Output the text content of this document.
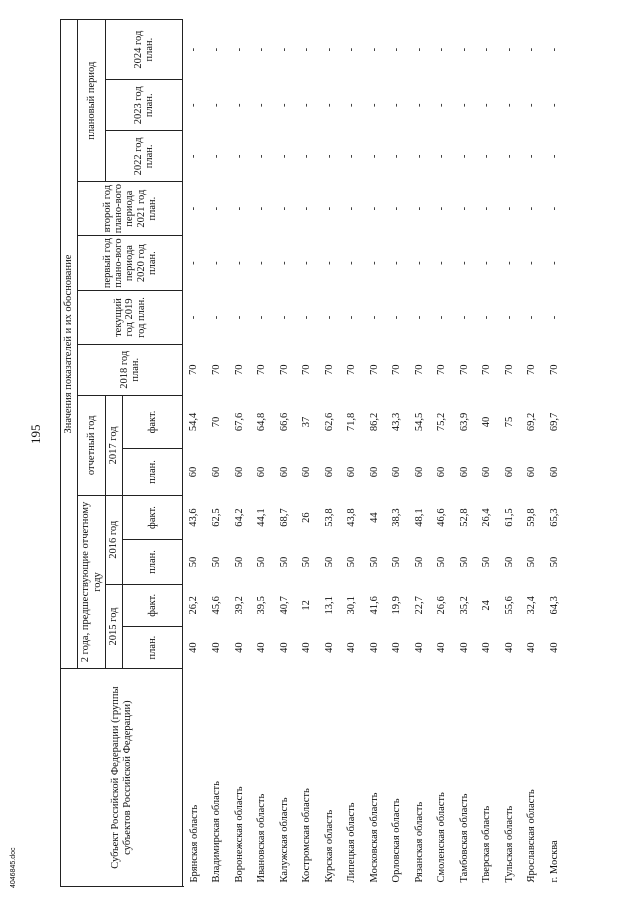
195
4046845.doc	Субъект Российской Федерации (группы субъектов Российской Федерации)	Значения показателей и их обоснование												
	2 года, предшествующие отчетному году				отчетный год		2018 год план.	текущий год 2019 год план.	первый год плано-вого периода 2020 год план.	второй год плано-вого периода 2021 год план.	плановый период		
	2015 год		2016 год		2017 год						2022 год план.	2023 год план.	2024 год план.
	план.	факт.	план.	факт.	план.	факт.							

Брянская область	40	26,2	50	43,6	60	54,4	70	-	-	-	-	-	-
Владимирская область	40	45,6	50	62,5	60	70	70	-	-	-	-	-	-
Воронежская область	40	39,2	50	64,2	60	67,6	70	-	-	-	-	-	-
Ивановская область	40	39,5	50	44,1	60	64,8	70	-	-	-	-	-	-
Калужская область	40	40,7	50	68,7	60	66,6	70	-	-	-	-	-	-
Костромская область	40	12	50	26	60	37	70	-	-	-	-	-	-
Курская область	40	13,1	50	53,8	60	62,6	70	-	-	-	-	-	-
Липецкая область	40	30,1	50	43,8	60	71,8	70	-	-	-	-	-	-
Московская область	40	41,6	50	44	60	86,2	70	-	-	-	-	-	-
Орловская область	40	19,9	50	38,3	60	43,3	70	-	-	-	-	-	-
Рязанская область	40	22,7	50	48,1	60	54,5	70	-	-	-	-	-	-
Смоленская область	40	26,6	50	46,6	60	75,2	70	-	-	-	-	-	-
Тамбовская область	40	35,2	50	52,8	60	63,9	70	-	-	-	-	-	-
Тверская область	40	24	50	26,4	60	40	70	-	-	-	-	-	-
Тульская область	40	55,6	50	61,5	60	75	70	-	-	-	-	-	-
Ярославская область	40	32,4	50	59,8	60	69,2	70	-	-	-	-	-	-
г. Москва	40	64,3	50	65,3	60	69,7	70	-	-	-	-	-	-
